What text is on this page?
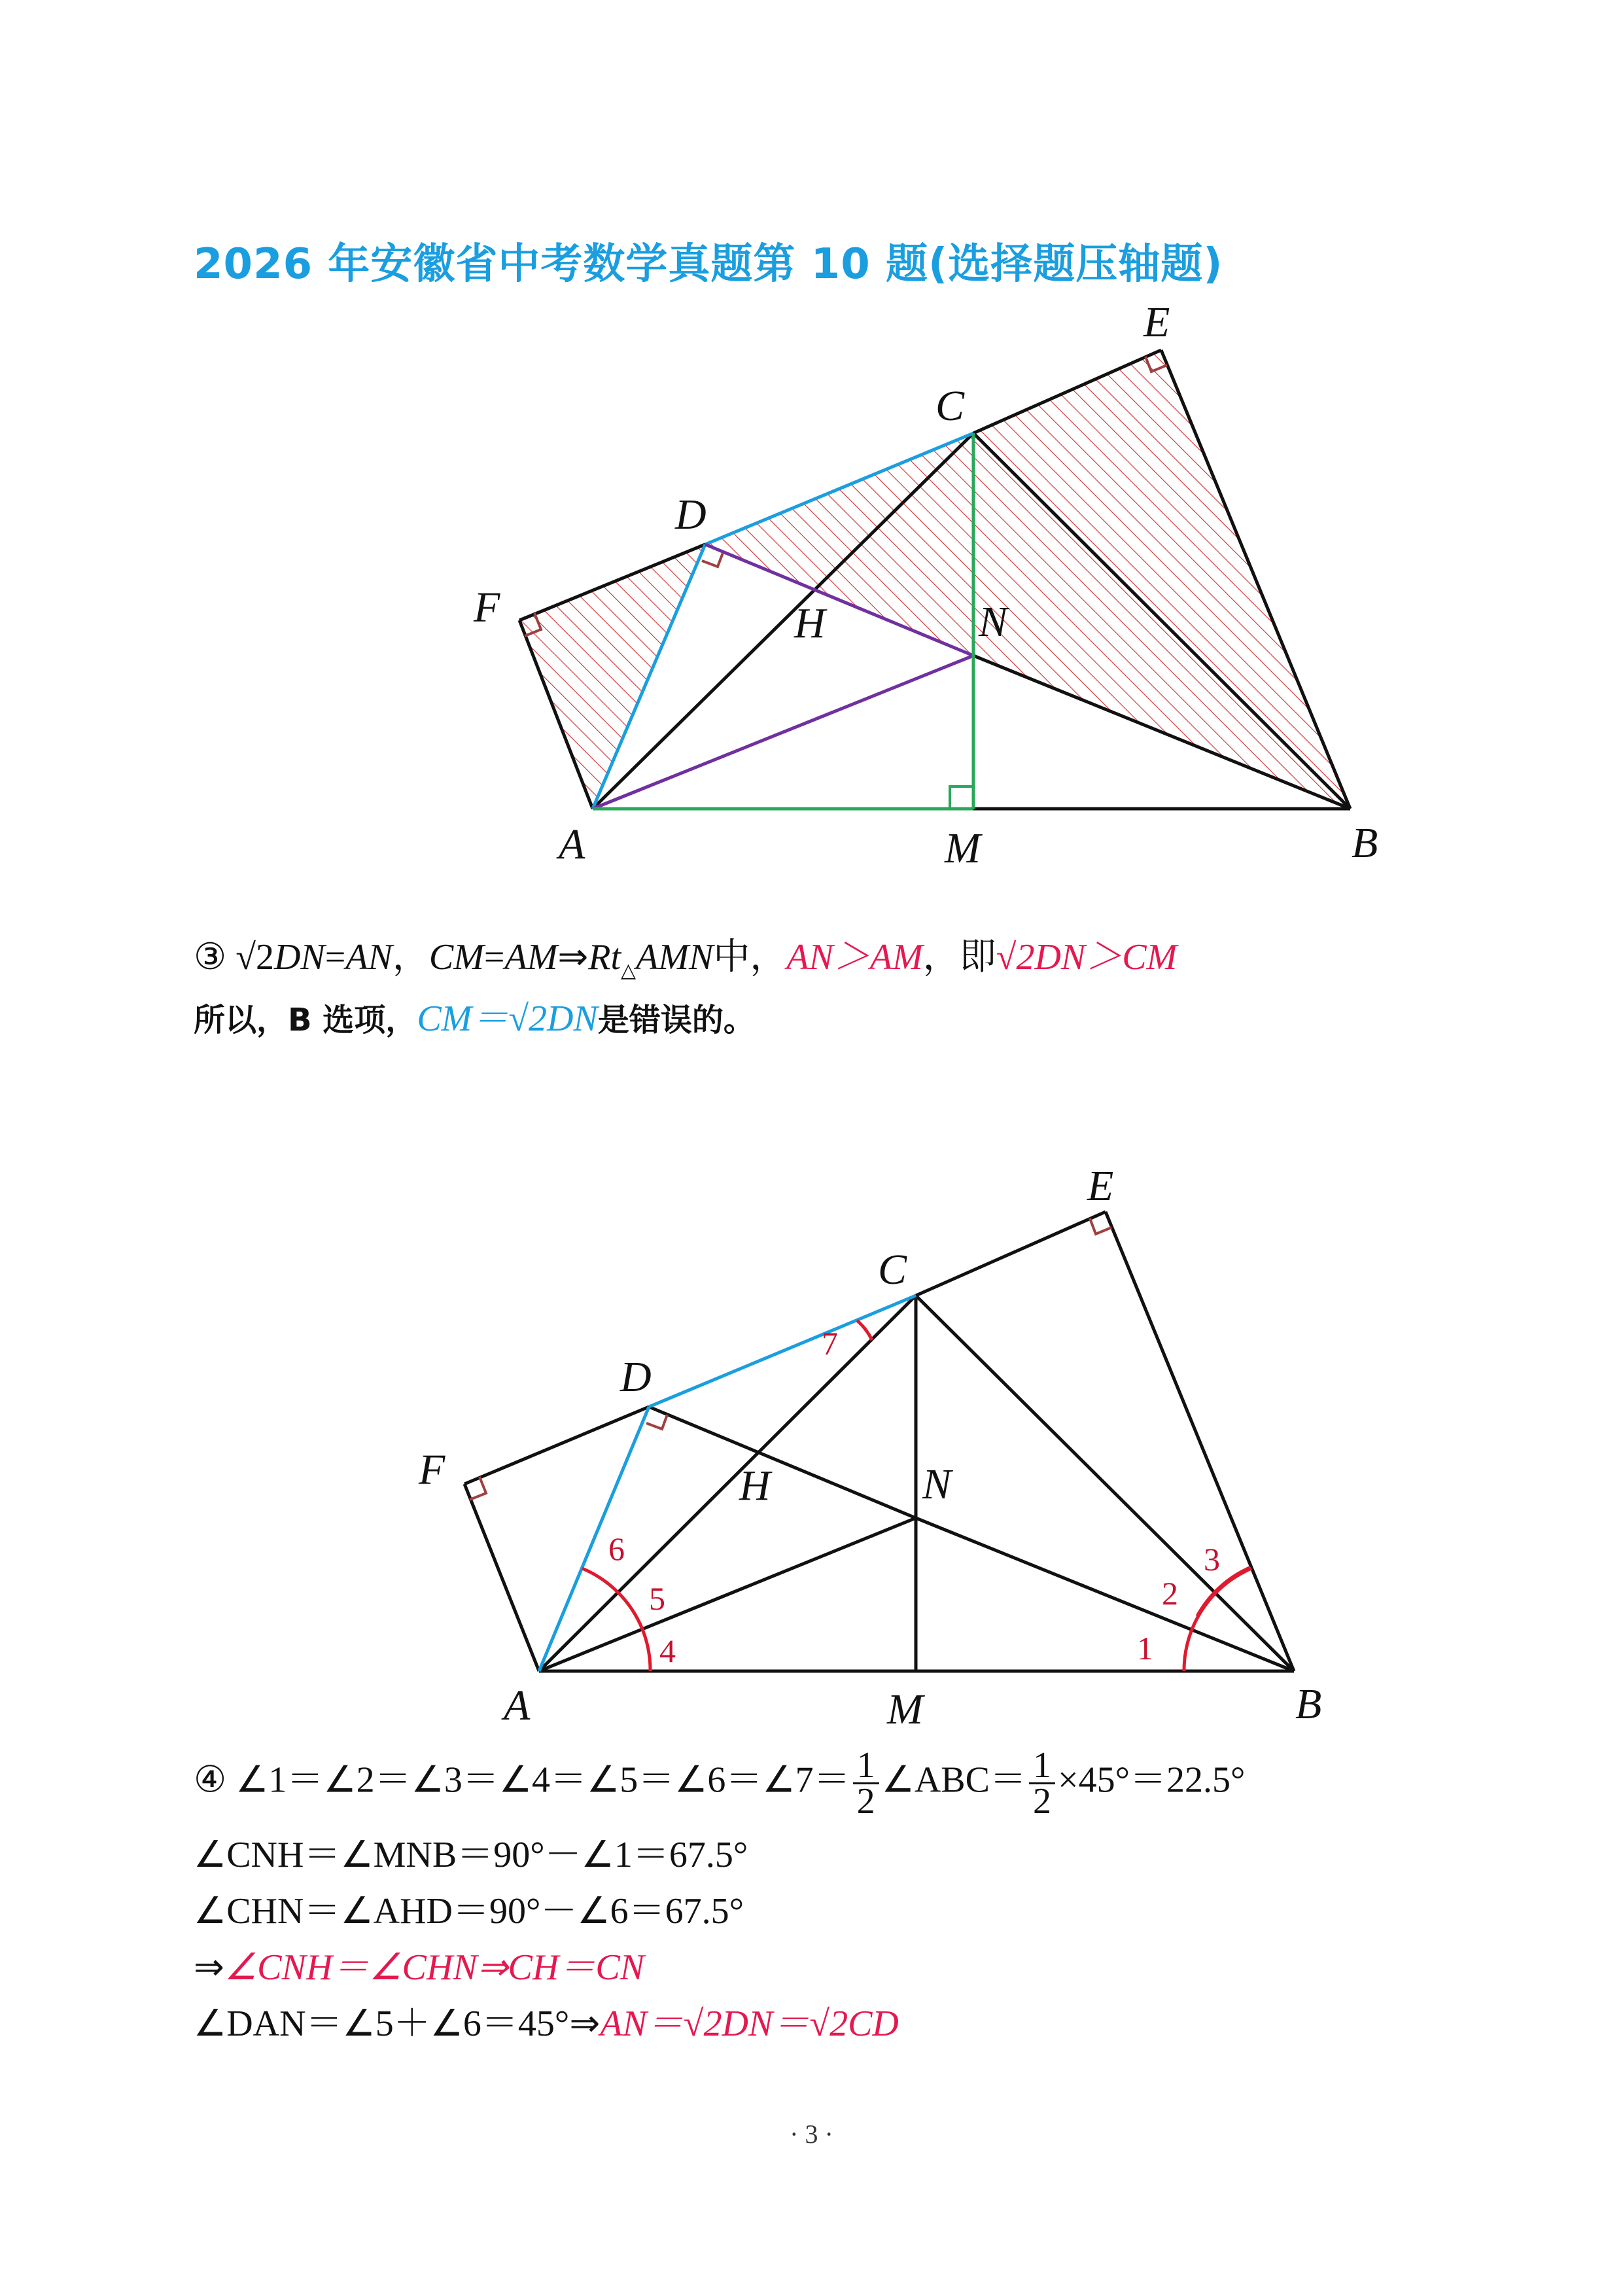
2026 年安徽省中考数学真题第 10 题(选择题压轴题)
A	M	B
C
D
E
F	H	N
③ √2DN=AN，$CM=AM\Rightarrow Rt_\triangle AMN$中，AN＞AM，即√2DN＞CM
所以，B 选项，CM＝√2DN是错误的。
1
2
3
4
5
6
7
A	M	B
C
D
E
F	H	N
④ ∠1＝∠2＝∠3＝∠4＝∠5＝∠6＝∠7＝ $\frac{1}{2}$ ∠ABC＝ $\frac{1}{2} \times 45^\circ=22.5^\circ$
∠CNH＝∠MNB＝90°－∠1＝67.5°
∠CHN＝∠AHD＝90°－∠6＝67.5°
⇒∠CNH＝∠CHN⇒CH＝CN
∠DAN＝∠5＋∠6＝45°⇒AN＝√2DN＝√2CD
· 3 ·
